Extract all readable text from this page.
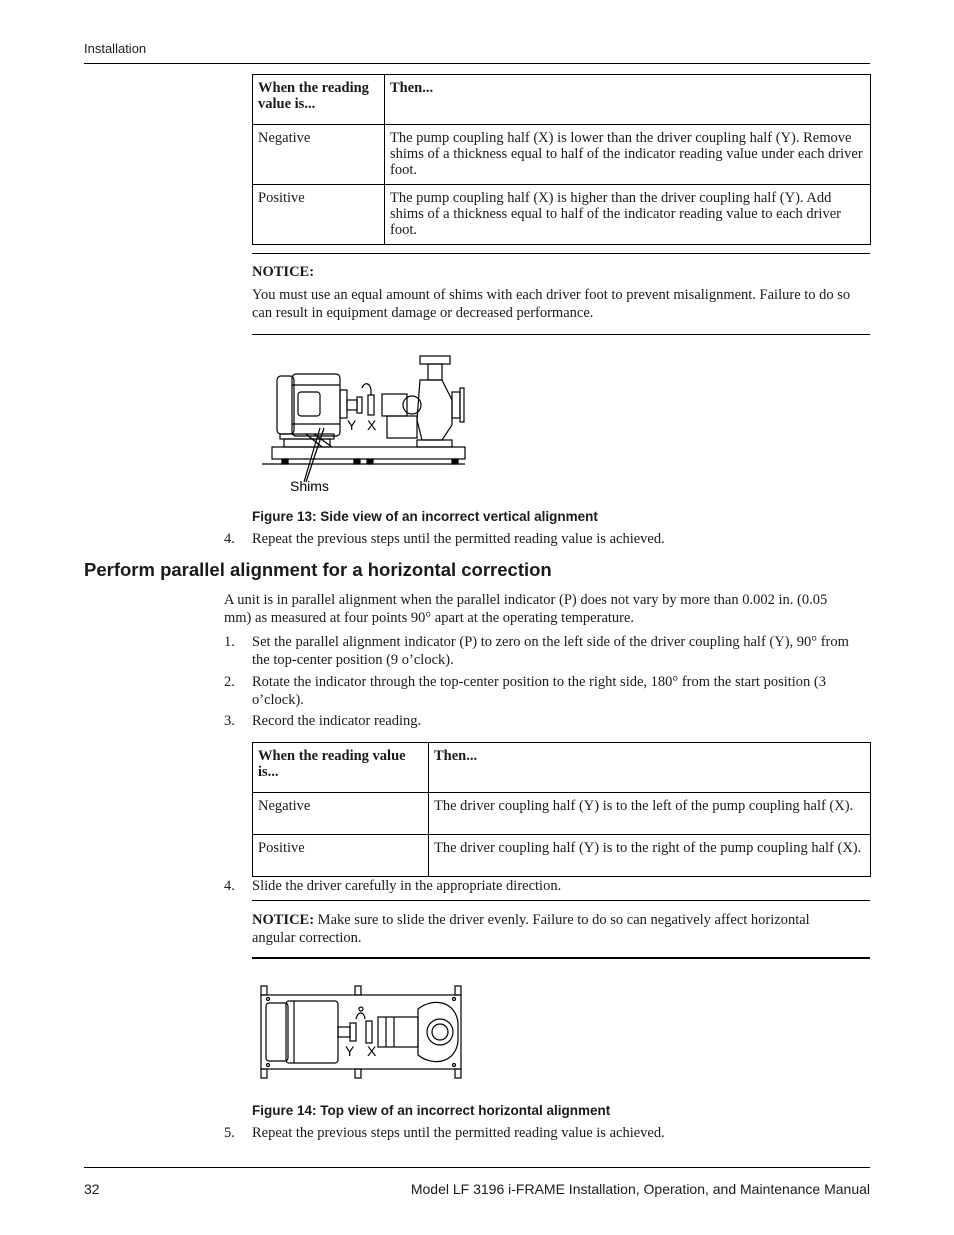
Installation
When the reading value is...	Then...
Negative	The pump coupling half (X) is lower than the driver coupling half (Y). Remove shims of a thickness equal to half of the indicator reading value under each driver foot.
Positive	The pump coupling half (X) is higher than the driver coupling half (Y). Add shims of a thickness equal to half of the indicator reading value to each driver foot.
NOTICE:
You must use an equal amount of shims with each driver foot to prevent misalignment. Failure to do so can result in equipment damage or decreased performance.
Y X
Shims
Figure 13: Side view of an incorrect vertical alignment
4. Repeat the previous steps until the permitted reading value is achieved.
Perform parallel alignment for a horizontal correction
A unit is in parallel alignment when the parallel indicator (P) does not vary by more than 0.002 in. (0.05 mm) as measured at four points 90° apart at the operating temperature.
1. Set the parallel alignment indicator (P) to zero on the left side of the driver coupling half (Y), 90° from the top-center position (9 o’clock).
2. Rotate the indicator through the top-center position to the right side, 180° from the start position (3 o’clock).
3. Record the indicator reading.
When the reading value is...	Then...
Negative	The driver coupling half (Y) is to the left of the pump coupling half (X).
Positive	The driver coupling half (Y) is to the right of the pump coupling half (X).
4. Slide the driver carefully in the appropriate direction.
NOTICE: Make sure to slide the driver evenly. Failure to do so can negatively affect horizontal angular correction.
Y X
Figure 14: Top view of an incorrect horizontal alignment
5. Repeat the previous steps until the permitted reading value is achieved.
32	Model LF 3196 i-FRAME Installation, Operation, and Maintenance Manual
